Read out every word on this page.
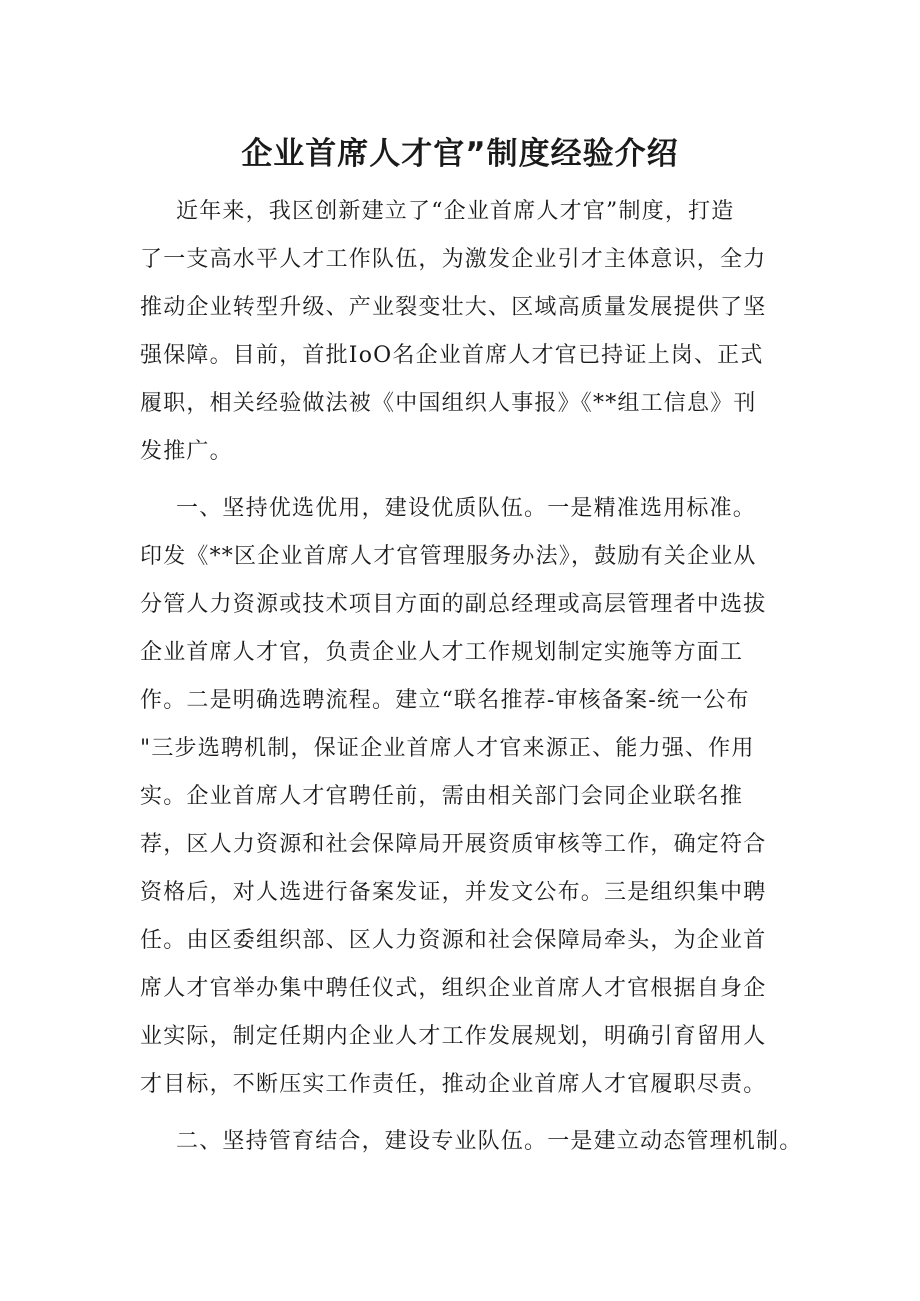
企业首席人才官”制度经验介绍
近年来，我区创新建立了“企业首席人才官”制度，打造
了一支高水平人才工作队伍，为激发企业引才主体意识，全力
推动企业转型升级、产业裂变壮大、区域高质量发展提供了坚
强保障。目前，首批IoO名企业首席人才官已持证上岗、正式
履职，相关经验做法被《中国组织人事报》《**组工信息》刊
发推广。
一、坚持优选优用，建设优质队伍。一是精准选用标准。
印发《**区企业首席人才官管理服务办法》，鼓励有关企业从
分管人力资源或技术项目方面的副总经理或高层管理者中选拔
企业首席人才官，负责企业人才工作规划制定实施等方面工
作。二是明确选聘流程。建立“联名推荐-审核备案-统一公布
"三步选聘机制，保证企业首席人才官来源正、能力强、作用
实。企业首席人才官聘任前，需由相关部门会同企业联名推
荐，区人力资源和社会保障局开展资质审核等工作，确定符合
资格后，对人选进行备案发证，并发文公布。三是组织集中聘
任。由区委组织部、区人力资源和社会保障局牵头，为企业首
席人才官举办集中聘任仪式，组织企业首席人才官根据自身企
业实际，制定任期内企业人才工作发展规划，明确引育留用人
才目标，不断压实工作责任，推动企业首席人才官履职尽责。
二、坚持管育结合，建设专业队伍。一是建立动态管理机制。
